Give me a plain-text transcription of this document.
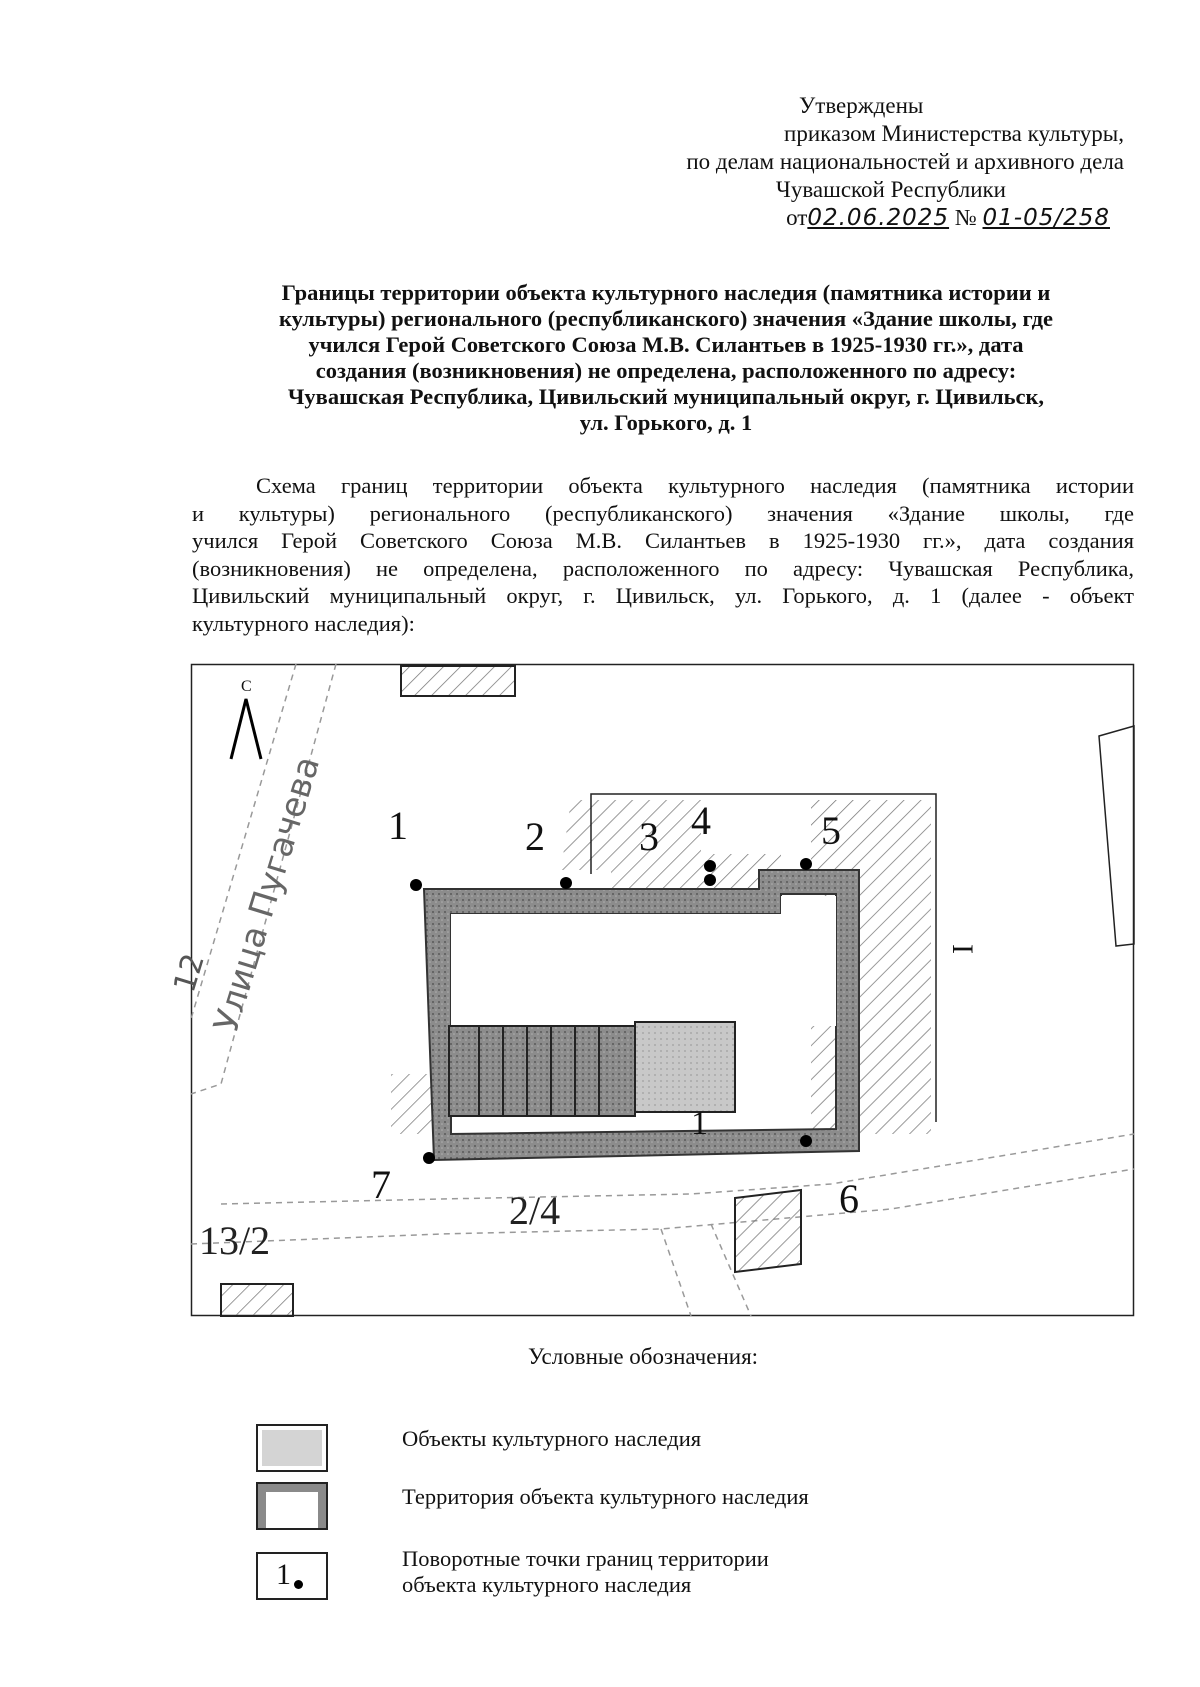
Утверждены
приказом Министерства культуры,
по делам национальностей и архивного дела
Чувашской Республики
от02.06.2025 № 01-05/258
Границы территории объекта культурного наследия (памятника истории и
культуры) регионального (республиканского) значения «Здание школы, где
учился Герой Советского Союза М.В. Силантьев в 1925-1930 гг.», дата
создания (возникновения) не определена, расположенного по адресу:
Чувашская Республика, Цивильский муниципальный округ, г. Цивильск,
ул. Горького, д. 1
Схема границ территории объекта культурного наследия (памятника истории
и культуры) регионального (республиканского) значения «Здание школы, где
учился Герой Советского Союза М.В. Силантьев в 1925-1930 гг.», дата создания
(возникновения) не определена, расположенного по адресу: Чувашская Республика,
Цивильский муниципальный округ, г. Цивильск, ул. Горького, д. 1 (далее - объект
культурного наследия):
Улица Пугачева
12
I
1
1	2 3 4	5
6
7
13/2
2/4
С
Условные обозначения:
Объекты культурного наследия
Территория объекта культурного наследия
1	Поворотные точки границ территории
объекта культурного наследия
